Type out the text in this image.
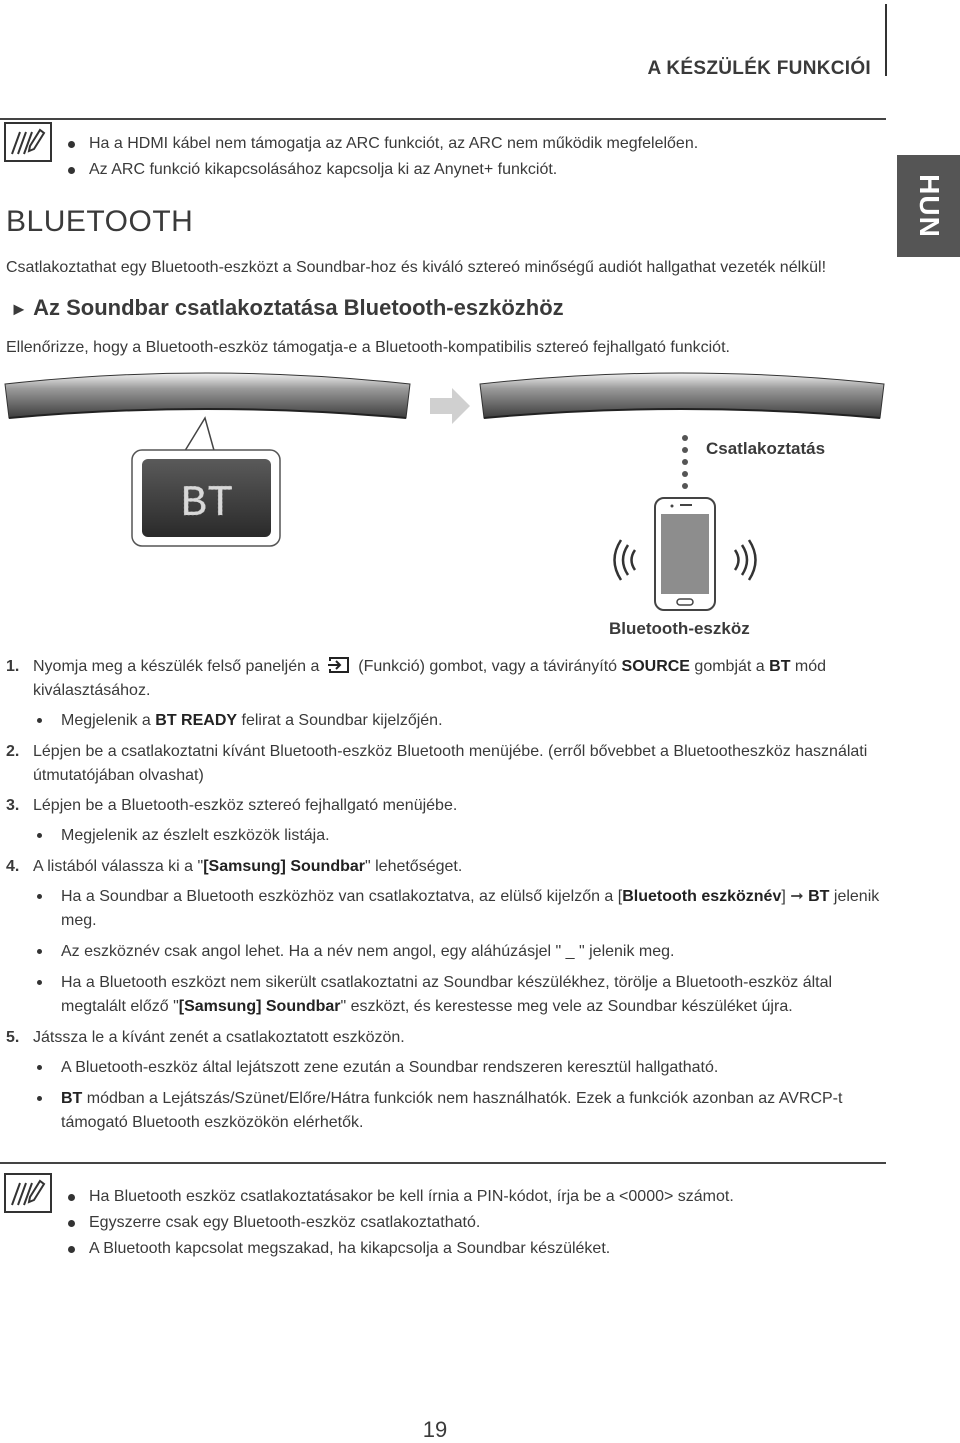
A KÉSZÜLÉK FUNKCIÓI
HUN
Ha a HDMI kábel nem támogatja az ARC funkciót, az ARC nem működik megfelelően.
Az ARC funkció kikapcsolásához kapcsolja ki az Anynet+ funkciót.
BLUETOOTH
Csatlakoztathat egy Bluetooth-eszközt a Soundbar-hoz és kiváló sztereó minőségű audiót hallgathat vezeték nélkül!
► Az Soundbar csatlakoztatása Bluetooth-eszközhöz
Ellenőrizze, hogy a Bluetooth-eszköz támogatja-e a Bluetooth-kompatibilis sztereó fejhallgató funkciót.
BT
Csatlakoztatás
Bluetooth-eszköz
1. Nyomja meg a készülék felső paneljén a (Funkció) gombot, vagy a távirányító SOURCE gombját a BT mód kiválasztásához.
Megjelenik a BT READY felirat a Soundbar kijelzőjén.
2. Lépjen be a csatlakoztatni kívánt Bluetooth-eszköz Bluetooth menüjébe. (erről bővebbet a Bluetootheszköz használati útmutatójában olvashat)
3. Lépjen be a Bluetooth-eszköz sztereó fejhallgató menüjébe.
Megjelenik az észlelt eszközök listája.
4. A listából válassza ki a "[Samsung] Soundbar" lehetőséget.
Ha a Soundbar a Bluetooth eszközhöz van csatlakoztatva, az elülső kijelzőn a [Bluetooth eszköznév] ➞ BT jelenik meg.
Az eszköznév csak angol lehet. Ha a név nem angol, egy aláhúzásjel " _ " jelenik meg.
Ha a Bluetooth eszközt nem sikerült csatlakoztatni az Soundbar készülékhez, törölje a Bluetooth-eszköz által megtalált előző "[Samsung] Soundbar" eszközt, és kerestesse meg vele az Soundbar készüléket újra.
5. Játssza le a kívánt zenét a csatlakoztatott eszközön.
A Bluetooth-eszköz által lejátszott zene ezután a Soundbar rendszeren keresztül hallgatható.
BT módban a Lejátszás/Szünet/Előre/Hátra funkciók nem használhatók. Ezek a funkciók azonban az AVRCP-t támogató Bluetooth eszközökön elérhetők.
Ha Bluetooth eszköz csatlakoztatásakor be kell írnia a PIN-kódot, írja be a <0000> számot.
Egyszerre csak egy Bluetooth-eszköz csatlakoztatható.
A Bluetooth kapcsolat megszakad, ha kikapcsolja a Soundbar készüléket.
19
